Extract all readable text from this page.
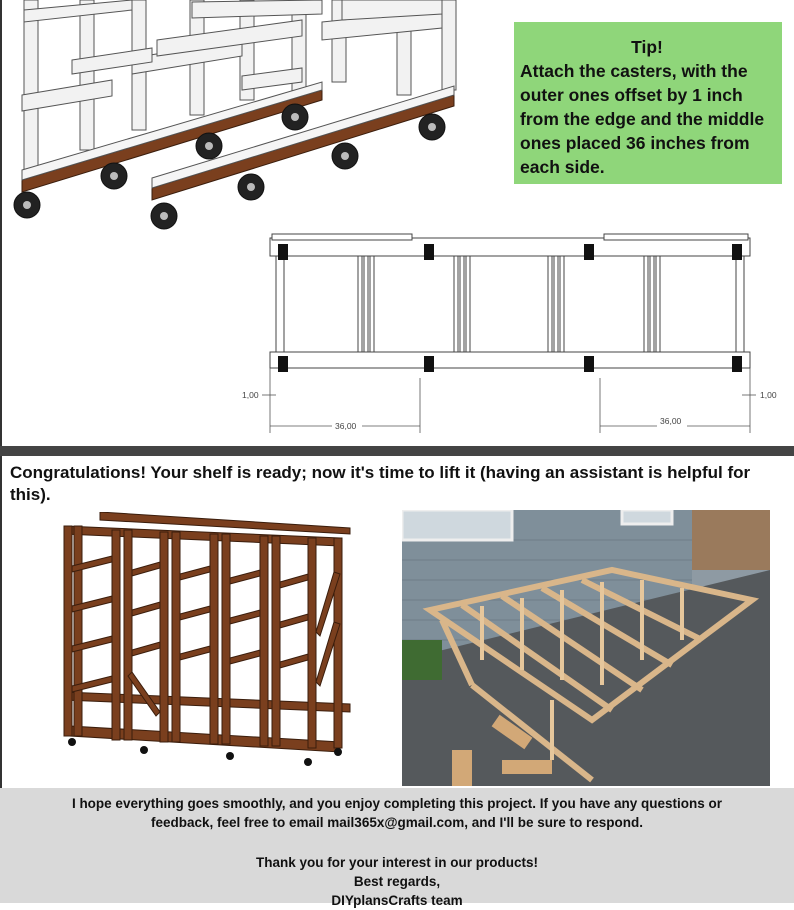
Tip!
Attach the casters, with the outer ones offset by 1 inch from the edge and the middle ones placed 36 inches from each side.
1,00	1,00
36,00	36,00
Congratulations! Your shelf is ready; now it's time to lift it (having an assistant is helpful for this).

I hope everything goes smoothly, and you enjoy completing this project. If you have any questions or

feedback, feel free to email mail365x@gmail.com, and I'll be sure to respond.

Thank you for your interest in our products!

Best regards,

DIYplansCrafts team
